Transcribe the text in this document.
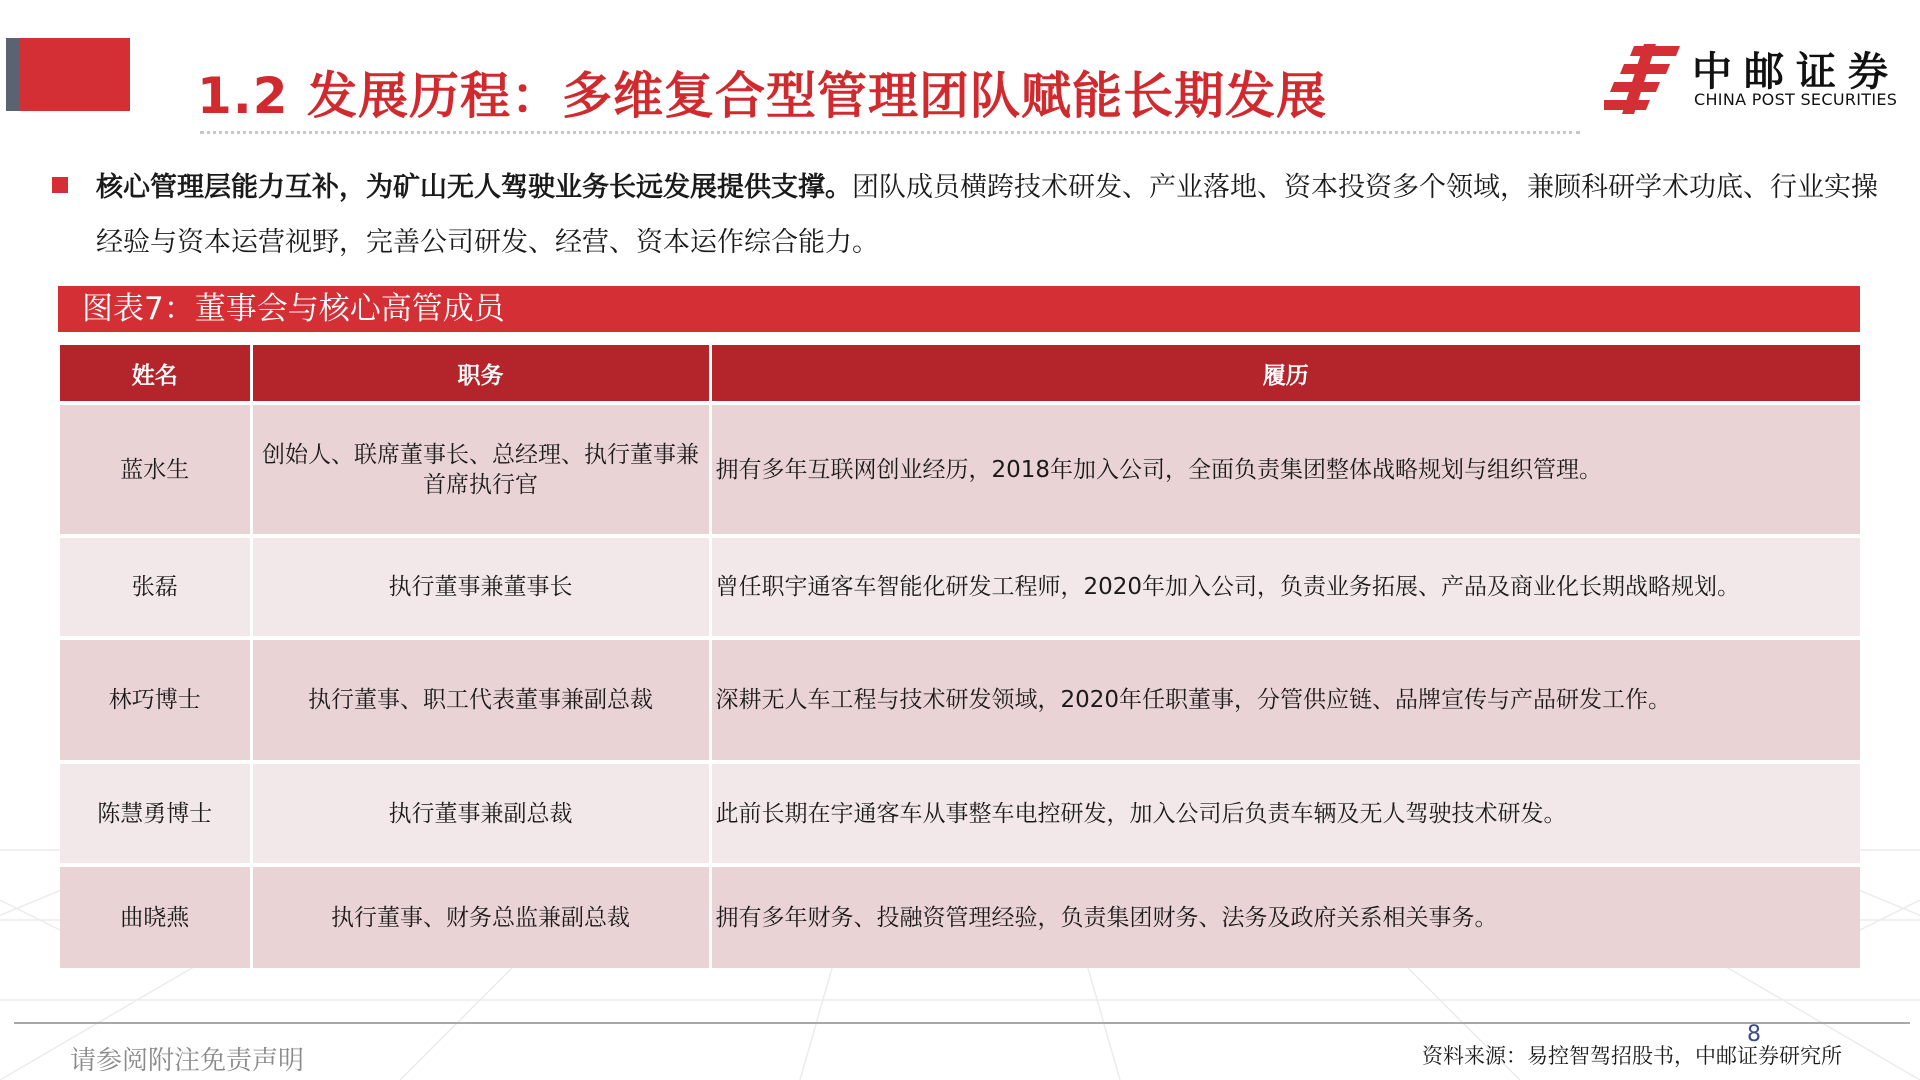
1.2 发展历程：多维复合型管理团队赋能长期发展	中邮证券
CHINA POST SECURITIES

核心管理层能力互补，为矿山无人驾驶业务长远发展提供支撑。团队成员横跨技术研发、产业落地、资本投资多个领域，兼顾科研学术功底、行业实操经验与资本运营视野，完善公司研发、经营、资本运作综合能力。

图表7：董事会与核心高管成员
姓名	职务	履历
蓝水生	创始人、联席董事长、总经理、执行董事兼首席执行官	拥有多年互联网创业经历，2018年加入公司，全面负责集团整体战略规划与组织管理。
张磊	执行董事兼董事长	曾任职宇通客车智能化研发工程师，2020年加入公司，负责业务拓展、产品及商业化长期战略规划。
林巧博士	执行董事、职工代表董事兼副总裁	深耕无人车工程与技术研发领域，2020年任职董事，分管供应链、品牌宣传与产品研发工作。
陈慧勇博士	执行董事兼副总裁	此前长期在宇通客车从事整车电控研发，加入公司后负责车辆及无人驾驶技术研发。
曲晓燕	执行董事、财务总监兼副总裁	拥有多年财务、投融资管理经验，负责集团财务、法务及政府关系相关事务。
请参阅附注免责声明
8
资料来源：易控智驾招股书，中邮证券研究所
